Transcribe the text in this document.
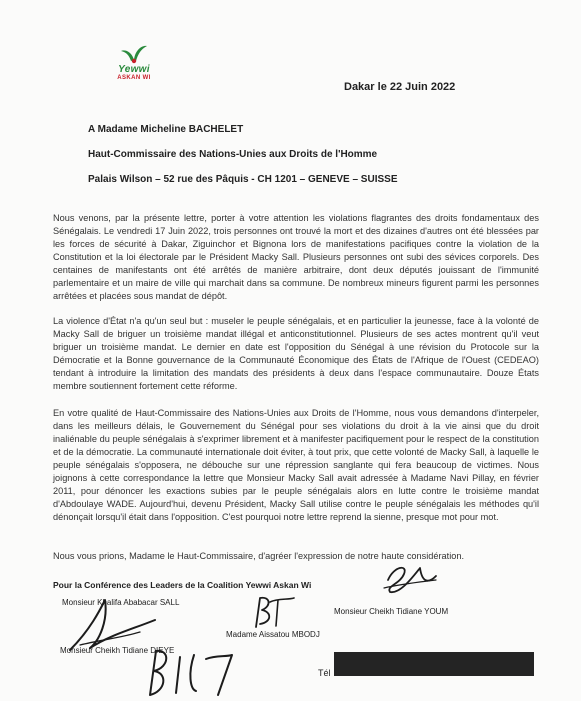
Yewwi
ASKAN WI
Dakar le 22 Juin 2022
A Madame Micheline BACHELET
Haut-Commissaire des Nations-Unies aux Droits de l'Homme
Palais Wilson – 52 rue des Pâquis - CH 1201 – GENEVE – SUISSE

Nous venons, par la présente lettre, porter à votre attention les violations flagrantes des droits fondamentaux des Sénégalais. Le vendredi 17 Juin 2022, trois personnes ont trouvé la mort et des dizaines d'autres ont été blessées par les forces de sécurité à Dakar, Ziguinchor et Bignona lors de manifestations pacifiques contre la violation de la Constitution et la loi électorale par le Président Macky Sall. Plusieurs personnes ont subi des sévices corporels. Des centaines de manifestants ont été arrêtés de manière arbitraire, dont deux députés jouissant de l'immunité parlementaire et un maire de ville qui marchait dans sa commune. De nombreux mineurs figurent parmi les personnes arrêtées et placées sous mandat de dépôt.

La violence d'État n'a qu'un seul but : museler le peuple sénégalais, et en particulier la jeunesse, face à la volonté de Macky Sall de briguer un troisième mandat illégal et anticonstitutionnel. Plusieurs de ses actes montrent qu'il veut briguer un troisième mandat. Le dernier en date est l'opposition du Sénégal à une révision du Protocole sur la Démocratie et la Bonne gouvernance de la Communauté Économique des États de l'Afrique de l'Ouest (CEDEAO) tendant à introduire la limitation des mandats des présidents à deux dans l'espace communautaire. Douze États membre soutiennent fortement cette réforme.

En votre qualité de Haut-Commissaire des Nations-Unies aux Droits de l'Homme, nous vous demandons d'interpeler, dans les meilleurs délais, le Gouvernement du Sénégal pour ses violations du droit à la vie ainsi que du droit inaliénable du peuple sénégalais à s'exprimer librement et à manifester pacifiquement pour le respect de la constitution et de la démocratie. La communauté internationale doit éviter, à tout prix, que cette volonté de Macky Sall, à laquelle le peuple sénégalais s'opposera, ne débouche sur une répression sanglante qui fera beaucoup de victimes. Nous joignons à cette correspondance la lettre que Monsieur Macky Sall avait adressée à Madame Navi Pillay, en février 2011, pour dénoncer les exactions subies par le peuple sénégalais alors en lutte contre le troisième mandat d'Abdoulaye WADE. Aujourd'hui, devenu Président, Macky Sall utilise contre le peuple sénégalais les méthodes qu'il dénonçait lorsqu'il était dans l'opposition. C'est pourquoi notre lettre reprend la sienne, presque mot pour mot.

Nous vous prions, Madame le Haut-Commissaire, d'agréer l'expression de notre haute considération.

Pour la Conférence des Leaders de la Coalition Yewwi Askan Wi
Monsieur Khalifa Ababacar SALL
Monsieur Cheikh Tidiane YOUM
Madame Aissatou MBODJ
Monsieur Cheikh Tidiane DIEYE
Tél
